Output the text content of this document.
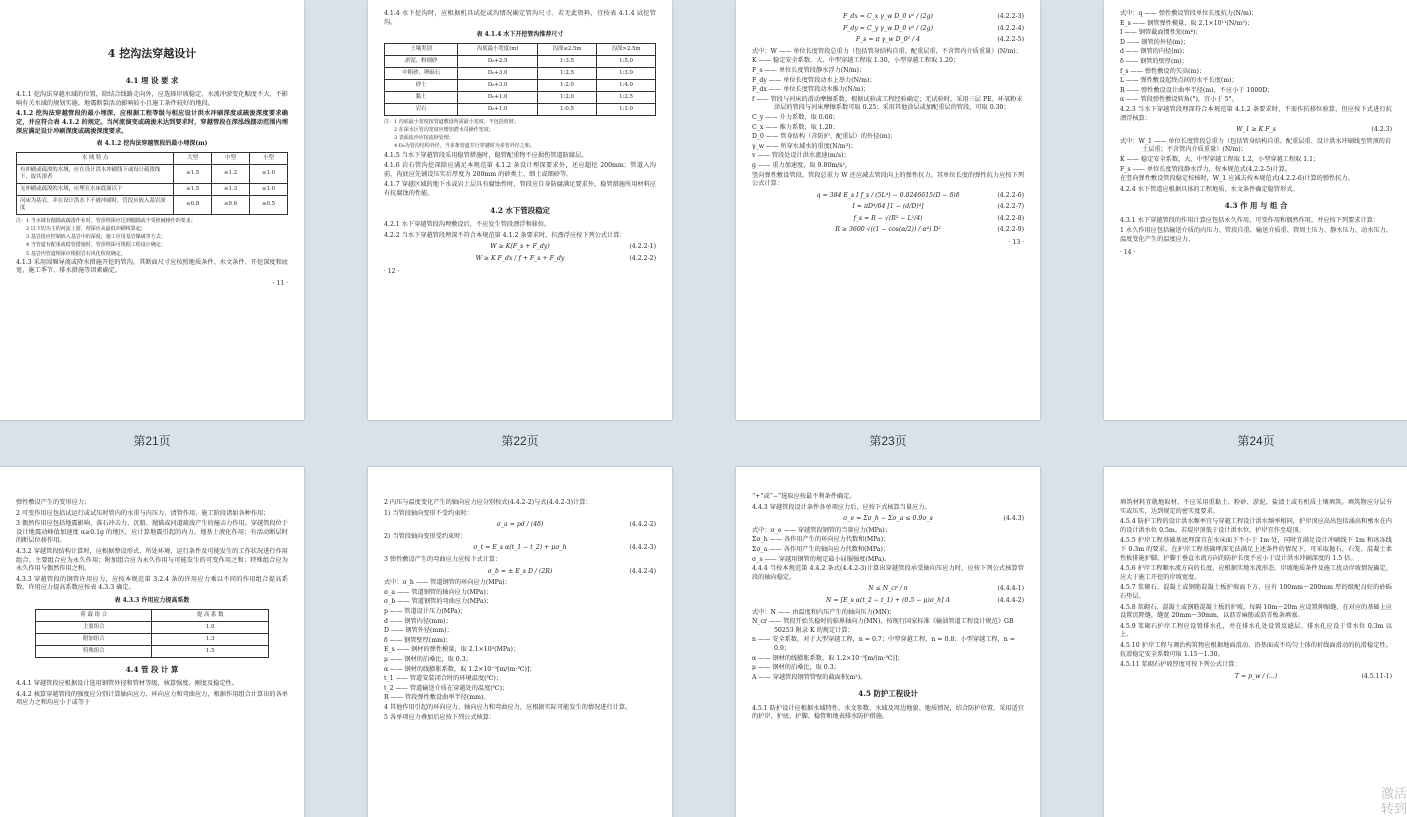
4 挖沟法穿越设计
4.1 埋 设 要 求
4.1.1 挖沟法穿越水域的位置，除结合线路走向外，应选择岸坡稳定、水流冲淤变化幅度不大、不影响有关水域的规划实施、地震断裂活动影响较小且施工条件较好的地段。
4.1.2 挖沟法穿越管段的最小埋深，应根据工程等级与相应设计洪水冲刷深度或疏浚深度要求确定，并应符合表 4.1.2 的规定。当河流演变或疏浚未达到要求时，穿越管段在深泓线摆动范围内埋深应满足设计冲刷深度或疏浚深度要求。
表 4.1.2 挖沟法穿越管段的最小埋深(m)
水 域 特 点	大型	中型	小型
有冲刷或疏浚的水域，应在设计洪水冲刷线下或设计疏浚线下，取其深者	≥1.5	≥1.2	≥1.0
无冲刷或疏浚的水域，应埋在水床底面以下	≥1.5	≥1.3	≥1.0
河床为基岩，并在设计洪水下不被冲刷时，管段应嵌入基岩深度	≥0.8	≥0.6	≥0.5
注：1 当水域有抛锚或疏浚作业时，管顶埋深应达到抛锚或不受机械操作的要求；
2 以下切为主的河流上游，埋深应从最低冲刷线算起；
3 基岩段应控制嵌入基岩中的深度，施工应用基岩爆破等方式；
4 当管道有配重或稳管措施时，管顶埋深可根据工程设计确定；
5 基岩内管道埋深应根据岩石风化程度确定。
4.1.3 采用围堰导流或降水措施开挖的管沟，其断面尺寸应按照地质条件、水文条件、开挖深度和底宽、施工季节、排水措施等因素确定。
· 11 ·
第21页
4.1.4 水下挖沟时，应根据机具试挖或沟情况确定管沟尺寸。若无此资料，宜按表 4.1.4 试挖管沟。
表 4.1.4 水下开挖管沟推荐尺寸
土壤类别	沟底最小宽度(m)	沟深≤2.5m	沟深>2.5m
淤泥、粉细砂	D₀+2.5	1:3.5	1:5.0
中粗砂、卵砾石	D₀+3.0	1:2.5	1:3.0
砂土	D₀+3.0	1:2.0	1:4.0
黏土	D₀+1.0	1:2.0	1:2.5
岩石	D₀+1.0	1:0.5	1:1.0
注：1 沟底最小宽度按管道敷设所需最小宽度，不包括放坡；
2 在深水区管沟宽度应增加潜水员操作宽度；
3 表面流沙应按流砂处理；
4 D₀为管沟结构外径，当多条管道并行穿越时为多管外径之和。
4.1.5 当水下穿越管段采用稳管措施时，稳管配重物不应损伤管道防腐层。
4.1.6 岩石管沟挖深除应满足本规范第 4.1.2 条设计埋深要求外，还应超挖 200mm；管道入沟前，沟底应先铺设压实后厚度为 200mm 的砂类土、细土或细砂等。
4.1.7 穿越区域的地下水或岩土层具有腐蚀性时，管段应自身防腐满足要求外，稳管措施所用材料应有抗腐蚀的性能。
4.2 水下管段稳定
4.2.1 水下穿越管段沟埋敷设后，不应发生管段漂浮和移位。
4.2.2 当水下穿越管段埋深不符合本规范第 4.1.2 条要求时，抗漂浮应按下列公式计算：
W ≥ K(F_s + F_dy)	(4.2.2-1)
W ≥ K F_dx / f + F_s + F_dy	(4.2.2-2)
· 12 ·
第22页
F_dx = C_x γ_w D_0 v² / (2g)	(4.2.2-3)
F_dy = C_y γ_w D_0 v² / (2g)	(4.2.2-4)
F_s = π γ_w D_0² / 4	(4.2.2-5)
式中：W —— 单位长度管段总重力（包括管身结构自重、配重层重，不含管内介质重量）(N/m)；
K —— 稳定安全系数，大、中型穿越工程取 1.30，小型穿越工程取 1.20；
F_s —— 单位长度管段静水浮力(N/m)；
F_dy —— 单位长度管段动水上举力(N/m)；
F_dx —— 单位长度管段动水推力(N/m)；
f —— 管段与河床的滑动摩擦系数，根据试验或工程经验确定；无试验时，采用三层 PE、环氧粉末涂层的管段与河床摩擦系数可取 0.25；采用其他涂层或加配重层的管段，可取 0.30；
C_y —— 升力系数，取 0.60；
C_x —— 推力系数，取 1.20；
D_0 —— 管身结构（含防护、配重层）的外径(m)；
γ_w —— 所穿水域水的重度(N/m³)；
v —— 管段处设计洪水流速(m/s)；
g —— 重力加速度，取 9.80m/s²。
竖向弹性敷设管段，管段总重力 W 还应减去管段向上的弹性抗力。其单位长度的弹性抗力应按下列公式计算：
q = 384 E_s I f_s / (5L⁴) − 0.0246615(D − δ)δ	(4.2.2-6)
I = πD⁴/64 [1 − (d/D)⁴]	(4.2.2-7)
f_s = R − √(R² − L²/4)	(4.2.2-8)
R ≥ 3600 √((1 − cos(α/2)) / α⁴) D²	(4.2.2-9)
· 13 ·
第23页
式中：q —— 弹性敷设管段单位长度抗力(N/m)；
E_s —— 钢管弹性模量，取 2.1×10¹¹(N/m²)；
I —— 钢管截面惯性矩(m⁴)；
D —— 钢管的外径(m)；
d —— 钢管的内径(m)；
δ —— 钢管的壁厚(m)；
f_s —— 弹性敷设的矢高(m)；
L —— 弹性敷设起终点间的水平长度(m)；
R —— 弹性敷设设计曲率半径(m)，不应小于 1000D；
α —— 管段弹性敷设转角(°)，宜小于 5°。
4.2.3 当水下穿越管段埋深符合本规范第 4.1.2 条要求时，不需作抗移位验算，但应按下式进行抗漂浮核算：
W_1 ≥ K F_s	(4.2.3)
式中：W_1 —— 单位长度管段总重力（包括管身结构自重、配重层重、设计洪水冲刷线至管顶的岩土层重；不含管内介质重量）(N/m)；
K —— 稳定安全系数，大、中型穿越工程取 1.2，小型穿越工程取 1.1；
F_s —— 单位长度管段静水浮力，按本规范式(4.2.2-5)计算。
在竖向弹性敷设管段稳定校核时，W_1 应减去按本规范式(4.2.2-6)计算的弹性抗力。
4.2.4 水下管道应根据具体的工程地质、水文条件确定稳管形式。
4.3 作 用 与 组 合
4.3.1 水下穿越管段的作用计算应包括永久作用、可变作用和偶然作用，并应按下列要求计算：
1 永久作用应包括输送介质的内压力、管段自重、输送介质重、管周土压力、静水压力、动水压力、温度变化产生的温度应力、
· 14 ·
第24页
弹性敷设产生的变形应力；
2 可变作用应包括试运行或试压时管内的水重与内压力、清管作用、施工阶段诸如各种作用；
3 偶然作用应包括地震影响、落石冲击力、沉船、抛锚或河道疏浚产生的撞击力作用。穿越管段位于设计地震动峰值加速度 α≥0.1g 的地区，应计算地震引起的内力、地基土液化作用；有活动断层时的断层位移作用。
4.3.2 穿越管段结构计算时，应根据整设形式、所处环境、运行条件及可能发生的工作状况进行作用组合。主要组合应为永久作用；附加组合应为永久作用与可能发生的可变作用之和；特殊组合应为永久作用与偶然作用之和。
4.3.3 穿越管段的钢管许用应力，应按本规范第 3.2.4 条的许用应力乘以不同的作用组合提高系数，许用应力提高系数应按表 4.3.3 确定。
表 4.3.3 许用应力提高系数
荷 载 组 合	提 高 系 数
主要组合	1.0
附加组合	1.3
特殊组合	1.5
4.4 管 段 计 算
4.4.1 穿越管段应根据设计选用钢管外径和管材等级，核算强度、刚度及稳定性。
4.4.2 核算穿越管段的强度应分别计算轴向应力、环向应力和弯曲应力，根据作用组合计算出的各单项应力之和均应小于或等于
2 内压与温度变化产生的轴向应力应分别按式(4.4.2-2)与式(4.4.2-3)计算：
1) 当管段轴向变形不受约束时：
σ_a = pd / (4δ)	(4.4.2-2)
2) 当管段轴向变形受约束时：
σ_t = E_s α(t_1 − t_2) + μσ_h	(4.4.2-3)
3 弹性敷设产生的弯曲应力应按下式计算：
σ_b = ± E_s D / (2R)	(4.4.2-4)
式中：σ_h —— 管道钢管的环向应力(MPa)；
σ_a —— 管道钢管的轴向应力(MPa)；
σ_b —— 管道钢管的弯曲应力(MPa)；
p —— 管道设计压力(MPa)；
d —— 钢管内径(mm)；
D —— 钢管外径(mm)；
δ —— 钢管壁厚(mm)；
E_s —— 钢材的弹性模量，取 2.1×10⁵(MPa)；
μ —— 钢材的泊桑比，取 0.3；
α —— 钢材的线膨胀系数，取 1.2×10⁻⁵[m/(m·℃)]；
t_1 —— 管道安装闭合时的环境温度(℃)；
t_2 —— 管道输送介质在穿越处的温度(℃)；
R —— 管段弹性敷设曲率半径(mm)。
4 其他作用引起的环向应力、轴向应力和弯曲应力，应根据实际可能发生的情况进行计算。
5 各单项应力叠加后应按下列公式核算：
“+”或“−”选取应按最不利条件确定。
4.4.3 穿越管段设计条件各单项应力后，应按下式核算当量应力。
σ_e = Σσ_h − Σσ_a ≤ 0.9σ_s	(4.4.3)
式中：σ_e —— 穿越管段钢管的当量应力(MPa)；
Σσ_h —— 各作用产生的环向应力代数和(MPa)；
Σσ_a —— 各作用产生的轴向应力代数和(MPa)；
σ_s —— 穿越用钢管的规定最小屈服强度(MPa)。
4.4.4 当按本规范第 4.4.2 条式(4.4.2-3)计算出穿越管段承受轴向压应力时，应按下列公式核算管段的轴向稳定。
N ≤ N_cr / n	(4.4.4-1)
N = [E_s α(t_2 − t_1) + (0.5 − μ)σ_h] A	(4.4.4-2)
式中：N —— 由温度和内压产生的轴向压力(MN)；
N_cr —— 管段开始失稳时的临界轴向力(MN)，按现行国家标准《输油管道工程设计规范》GB 50253 附录 K 的规定计算；
n —— 安全系数，对于大型穿越工程，n = 0.7；中型穿越工程，n = 0.8；小型穿越工程，n = 0.9；
α —— 钢材的线膨胀系数，取 1.2×10⁻⁵[m/(m·℃)]；
μ —— 钢材的泊桑比，取 0.3；
A —— 穿越管段钢管管壁的截面积(m²)。
4.5 防护工程设计
4.5.1 防护设计应根据水域特性、水文参数、水域及周边地貌、地质情况，结合防护位置，采用适宜的护岸、护底、护脚、稳管和地表排水防护措施。
填筑材料宜就地取材，不应采用重黏土、粉砂、淤泥、盐渍土或有机质土壤填筑。填筑物应分层夯实或压实，达到规定的密实度要求。
4.5.4 防护工程的设计洪水频率宜与穿越工程设计洪水频率相同，护岸顶应高出包括涌高和壅水在内的设计洪水位 0.5m。若堤岸顶低于设计洪水位，护岸宜作至堤顶。
4.5.5 护岸工程基础基底埋深宜在水床面下不小于 1m 处，同时宜满足设计冲刷线下 1m 和冰冻线下 0.3m 的要求。在护岸工程基础埋深无法满足上述条件的情况下，可采取抛石、石笼、混凝土柔性板排施护脚。护脚于垂直水流方向的防护长度不应小于设计洪水冲刷深度的 1.5 倍。
4.5.6 护岸工程顺水流方向的长度，应根据实地水流形态、岸坡地质条件及施工扰动岸坡情况确定，应大于施工开挖的岸坡宽度。
4.5.7 浆砌石、混凝土或钢筋混凝土板护坡面下方，应有 100mm～200mm 厚的级配良好的砂砾石垫层。
4.5.8 浆砌石、混凝土或钢筋混凝土板的护坡，每隔 10m～20m 应设置伸缩缝，在对应的基础上应设置沉降缝，缝宽 20mm～30mm，以沥青麻筋或沥青板条填塞。
4.5.9 浆砌石护岸工程应设置排水孔，并在排水孔处设置反滤层。排水孔应设于常水位 0.3m 以上。
4.5.10 护岸工程与调治构筑物应根据地面滑动、沿基面或不均匀土体的折线面滑动的抗滑稳定性。抗滑稳定安全系数可取 1.15～1.30。
4.5.11 浆砌石护坡厚度可按下列公式计算：
T = p_w / (...)	(4.5.11-1)
激活
转到
